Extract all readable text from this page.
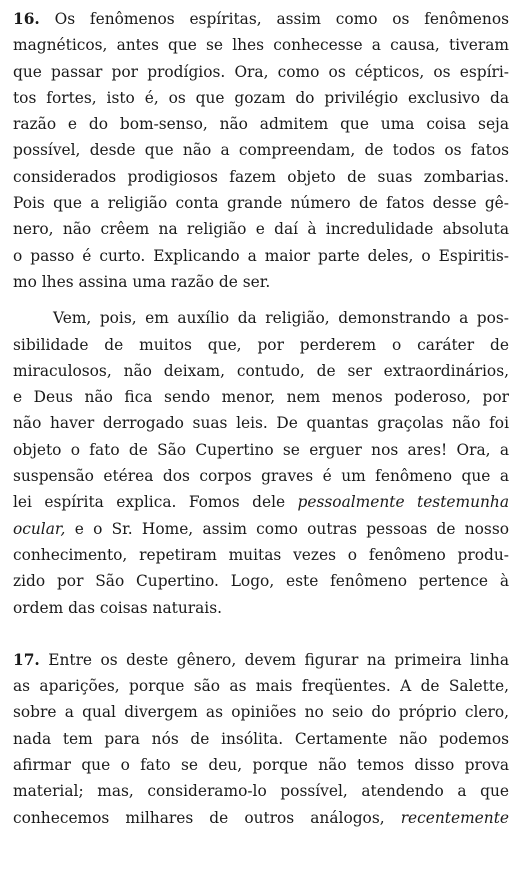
16. Os fenômenos espíritas, assim como os fenômenos
magnéticos, antes que se lhes conhecesse a causa, tiveram
que passar por prodígios. Ora, como os cépticos, os espíri-
tos fortes, isto é, os que gozam do privilégio exclusivo da
razão e do bom-senso, não admitem que uma coisa seja
possível, desde que não a compreendam, de todos os fatos
considerados prodigiosos fazem objeto de suas zombarias.
Pois que a religião conta grande número de fatos desse gê-
nero, não crêem na religião e daí à incredulidade absoluta
o passo é curto. Explicando a maior parte deles, o Espiritis-
mo lhes assina uma razão de ser.
Vem, pois, em auxílio da religião, demonstrando a pos-
sibilidade de muitos que, por perderem o caráter de
miraculosos, não deixam, contudo, de ser extraordinários,
e Deus não fica sendo menor, nem menos poderoso, por
não haver derrogado suas leis. De quantas graçolas não foi
objeto o fato de São Cupertino se erguer nos ares! Ora, a
suspensão etérea dos corpos graves é um fenômeno que a
lei espírita explica. Fomos dele pessoalmente testemunha
ocular, e o Sr. Home, assim como outras pessoas de nosso
conhecimento, repetiram muitas vezes o fenômeno produ-
zido por São Cupertino. Logo, este fenômeno pertence à
ordem das coisas naturais.
17. Entre os deste gênero, devem figurar na primeira linha
as aparições, porque são as mais freqüentes. A de Salette,
sobre a qual divergem as opiniões no seio do próprio clero,
nada tem para nós de insólita. Certamente não podemos
afirmar que o fato se deu, porque não temos disso prova
material; mas, consideramo-lo possível, atendendo a que
conhecemos milhares de outros análogos, recentemente
